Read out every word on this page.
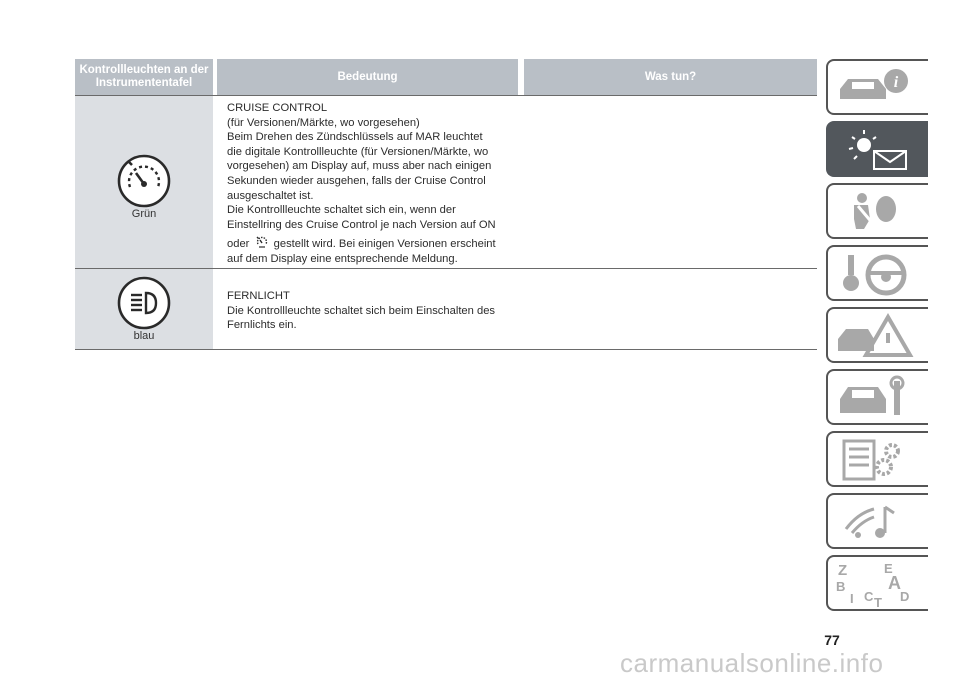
Kontrollleuchten an der Instrumententafel
Bedeutung	Was tun?
Grün
CRUISE CONTROL
(für Versionen/Märkte, wo vorgesehen)
Beim Drehen des Zündschlüssels auf MAR leuchtet
die digitale Kontrollleuchte (für Versionen/Märkte, wo
vorgesehen) am Display auf, muss aber nach einigen
Sekunden wieder ausgehen, falls der Cruise Control
ausgeschaltet ist.
Die Kontrollleuchte schaltet sich ein, wenn der
Einstellring des Cruise Control je nach Version auf ON
oder gestellt wird. Bei einigen Versionen erscheint
auf dem Display eine entsprechende Meldung.
blau
FERNLICHT
Die Kontrollleuchte schaltet sich beim Einschalten des
Fernlichts ein.
i
Z	E
A
B
C D
I T
77
carmanualsonline.info
